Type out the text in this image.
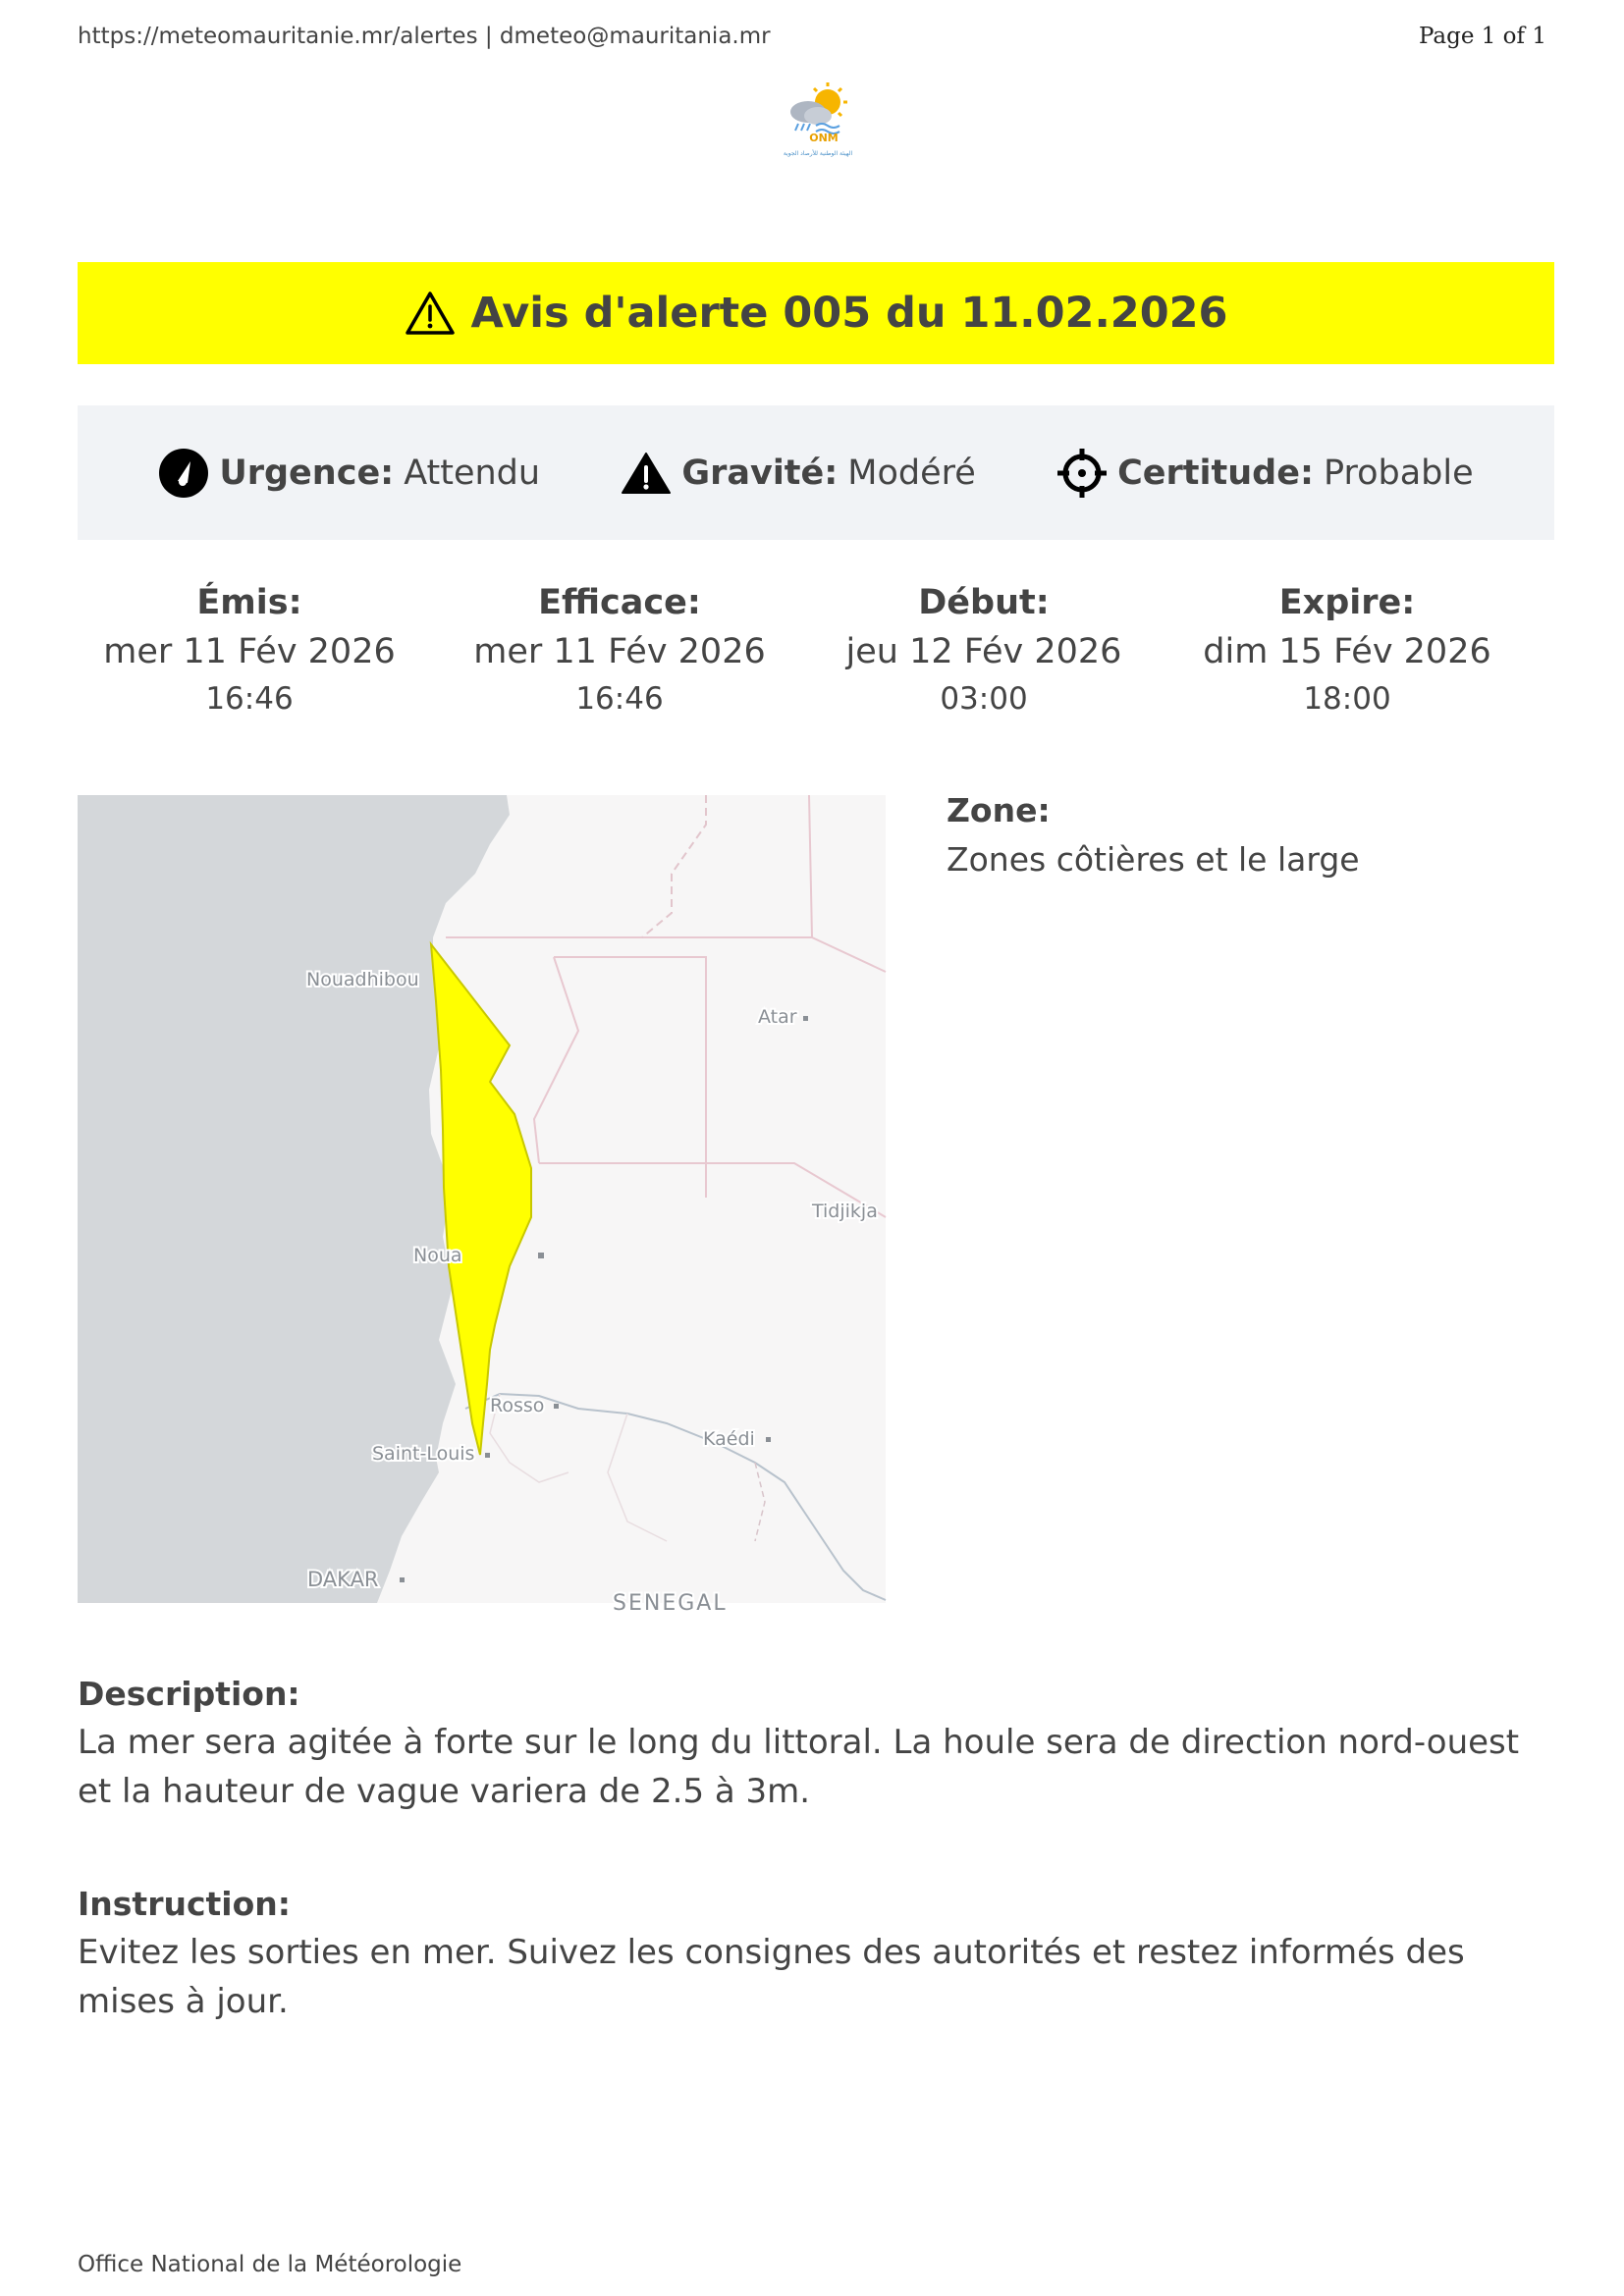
https://meteomauritanie.mr/alertes | dmeteo@mauritania.mr	Page 1 of 1
ONM
الهيئة الوطنية للأرصاد الجوية
Avis d'alerte 005 du 11.02.2026
Urgence: Attendu	Gravité: Modéré	Certitude: Probable
Émis:
mer 11 Fév 2026
16:46
Efficace:
mer 11 Fév 2026
16:46
Début:
jeu 12 Fév 2026
03:00
Expire:
dim 15 Fév 2026
18:00
Nouadhibou
Atar
Tidjikja
Noua
Rosso
Saint-Louis
Kaédi
DAKAR
SENEGAL
Zone:
Zones côtières et le large
Description:
La mer sera agitée à forte sur le long du littoral. La houle sera de direction nord-ouest et la hauteur de vague variera de 2.5 à 3m.
Instruction:
Evitez les sorties en mer. Suivez les consignes des autorités et restez informés des mises à jour.
Office National de la Météorologie
